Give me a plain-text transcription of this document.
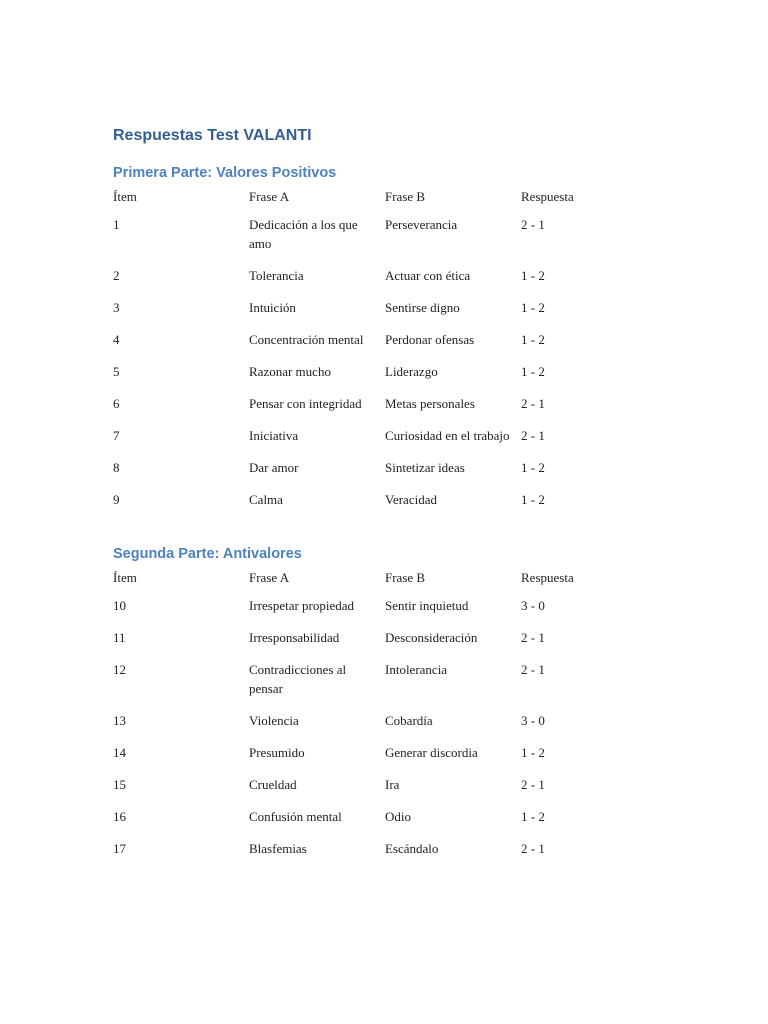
Respuestas Test VALANTI
Primera Parte: Valores Positivos
Ítem	Frase A	Frase B	Respuesta
1	Dedicación a los que amo	Perseverancia	2 - 1
2	Tolerancia	Actuar con ética	1 - 2
3	Intuición	Sentirse digno	1 - 2
4	Concentración mental	Perdonar ofensas	1 - 2
5	Razonar mucho	Liderazgo	1 - 2
6	Pensar con integridad	Metas personales	2 - 1
7	Iniciativa	Curiosidad en el trabajo	2 - 1
8	Dar amor	Sintetizar ideas	1 - 2
9	Calma	Veracidad	1 - 2
Segunda Parte: Antivalores
Ítem	Frase A	Frase B	Respuesta
10	Irrespetar propiedad	Sentir inquietud	3 - 0
11	Irresponsabilidad	Desconsideración	2 - 1
12	Contradicciones al pensar	Intolerancia	2 - 1
13	Violencia	Cobardía	3 - 0
14	Presumido	Generar discordia	1 - 2
15	Crueldad	Ira	2 - 1
16	Confusión mental	Odio	1 - 2
17	Blasfemias	Escándalo	2 - 1
